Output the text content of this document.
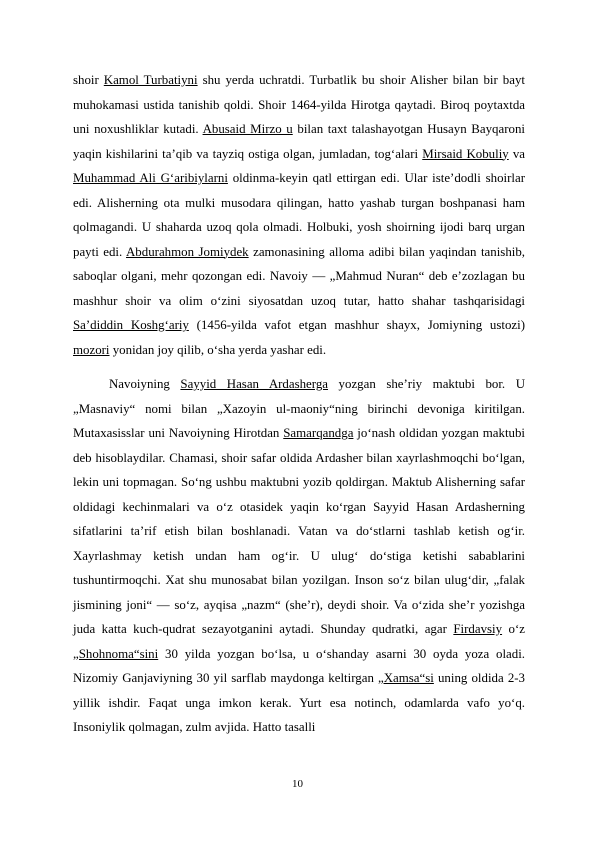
shoir Kamol Turbatiyni shu yerda uchratdi. Turbatlik bu shoir Alisher bilan bir bayt muhokamasi ustida tanishib qoldi. Shoir 1464-yilda Hirotga qaytadi. Biroq poytaxtda uni noxushliklar kutadi. Abusaid Mirzo u bilan taxt talashayotgan Husayn Bayqaroni yaqin kishilarini taʼqib va tayziq ostiga olgan, jumladan, togʻalari Mirsaid Kobuliy va Muhammad Ali Gʻaribiylarni oldinma-keyin qatl ettirgan edi. Ular isteʼdodli shoirlar edi. Alisherning ota mulki musodara qilingan, hatto yashab turgan boshpanasi ham qolmagandi. U shaharda uzoq qola olmadi. Holbuki, yosh shoirning ijodi barq urgan payti edi. Abdurahmon Jomiydek zamonasining alloma adibi bilan yaqindan tanishib, saboqlar olgani, mehr qozongan edi. Navoiy — „Mahmud Nuran“ deb eʼzozlagan bu mashhur shoir va olim oʻzini siyosatdan uzoq tutar, hatto shahar tashqarisidagi Saʼdiddin Koshgʻariy (1456-yilda vafot etgan mashhur shayx, Jomiyning ustozi) mozori yonidan joy qilib, oʻsha yerda yashar edi.

Navoiyning Sayyid Hasan Ardasherga yozgan sheʼriy maktubi bor. U „Masnaviy“ nomi bilan „Xazoyin ul-maoniy“ning birinchi devoniga kiritilgan. Mutaxasisslar uni Navoiyning Hirotdan Samarqandga joʻnash oldidan yozgan maktubi deb hisoblaydilar. Chamasi, shoir safar oldida Ardasher bilan xayrlashmoqchi boʻlgan, lekin uni topmagan. Soʻng ushbu maktubni yozib qoldirgan. Maktub Alisherning safar oldidagi kechinmalari va oʻz otasidek yaqin koʻrgan Sayyid Hasan Ardasherning sifatlarini taʼrif etish bilan boshlanadi. Vatan va doʻstlarni tashlab ketish ogʻir. Xayrlashmay ketish undan ham ogʻir. U ulugʻ doʻstiga ketishi sabablarini tushuntirmoqchi. Xat shu munosabat bilan yozilgan. Inson soʻz bilan ulugʻdir, „falak jismining joni“ — soʻz, ayqisa „nazm“ (sheʼr), deydi shoir. Va oʻzida sheʼr yozishga juda katta kuch-qudrat sezayotganini aytadi. Shunday qudratki, agar Firdavsiy oʻz „Shohnoma“sini 30 yilda yozgan boʻlsa, u oʻshanday asarni 30 oyda yoza oladi. Nizomiy Ganjaviyning 30 yil sarflab maydonga keltirgan „Xamsa“si uning oldida 2-3 yillik ishdir. Faqat unga imkon kerak. Yurt esa notinch, odamlarda vafo yoʻq. Insoniylik qolmagan, zulm avjida. Hatto tasalli

10
